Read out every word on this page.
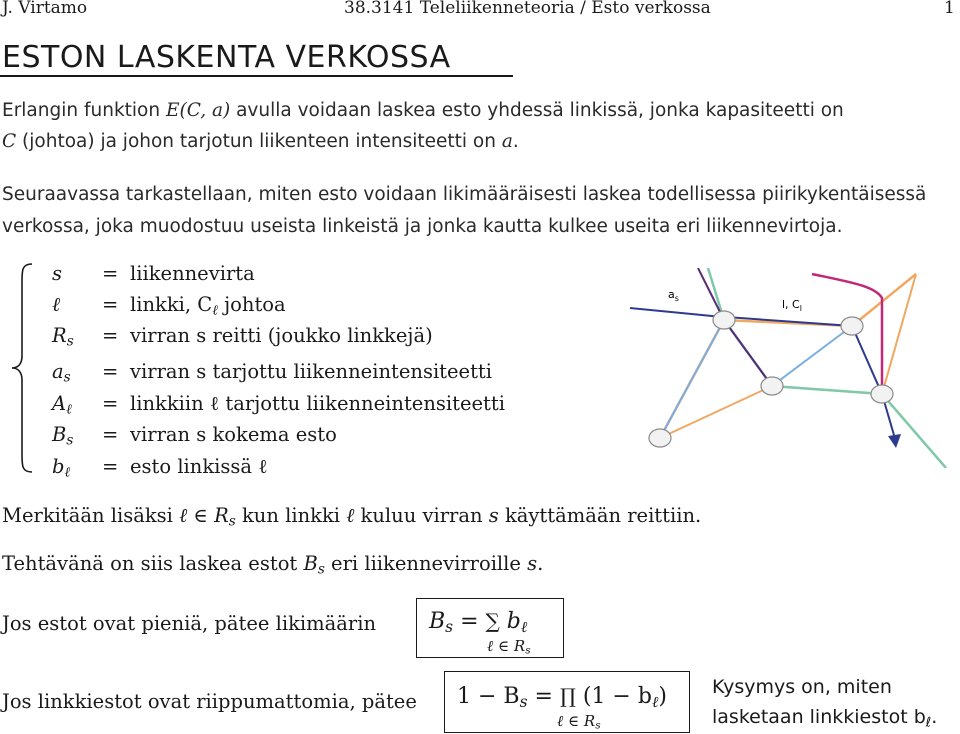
J. Virtamo	38.3141 Teleliikenneteoria / Esto verkossa	1
ESTON LASKENTA VERKOSSA
Erlangin funktion E(C, a) avulla voidaan laskea esto yhdessä linkissä, jonka kapasiteetti on
C (johtoa) ja johon tarjotun liikenteen intensiteetti on a.
Seuraavassa tarkastellaan, miten esto voidaan likimääräisesti laskea todellisessa piirikykentäisessä
verkossa, joka muodostuu useista linkeistä ja jonka kautta kulkee useita eri liikennevirtoja.
s	= liikennevirta
ℓ	= linkki, $C_\ell$ johtoa
$R_s$	= virran s reitti (joukko linkkejä)
$a_s$	= virran s tarjottu liikenneintensiteetti
$A_\ell$	= linkkiin ℓ tarjottu liikenneintensiteetti
$B_s$	= virran s kokema esto
$b_\ell$	= esto linkissä ℓ
$a_s$	l, $C_l$
Merkitään lisäksi ℓ ∈ $R_s$ kun linkki ℓ kuluu virran s käyttämään reittiin.
Tehtävänä on siis laskea estot $B_s$ eri liikennevirroille s.
Jos estot ovat pieniä, pätee likimäärin $B_s$ = ∑ $b_\ell$
ℓ ∈ $R_s$
Jos linkkiestot ovat riippumattomia, pätee $1 - B_s$ = ∏ $(1 - b_\ell)$
ℓ ∈ $R_s$
Kysymys on, miten
lasketaan linkkiestot $b_\ell$.
